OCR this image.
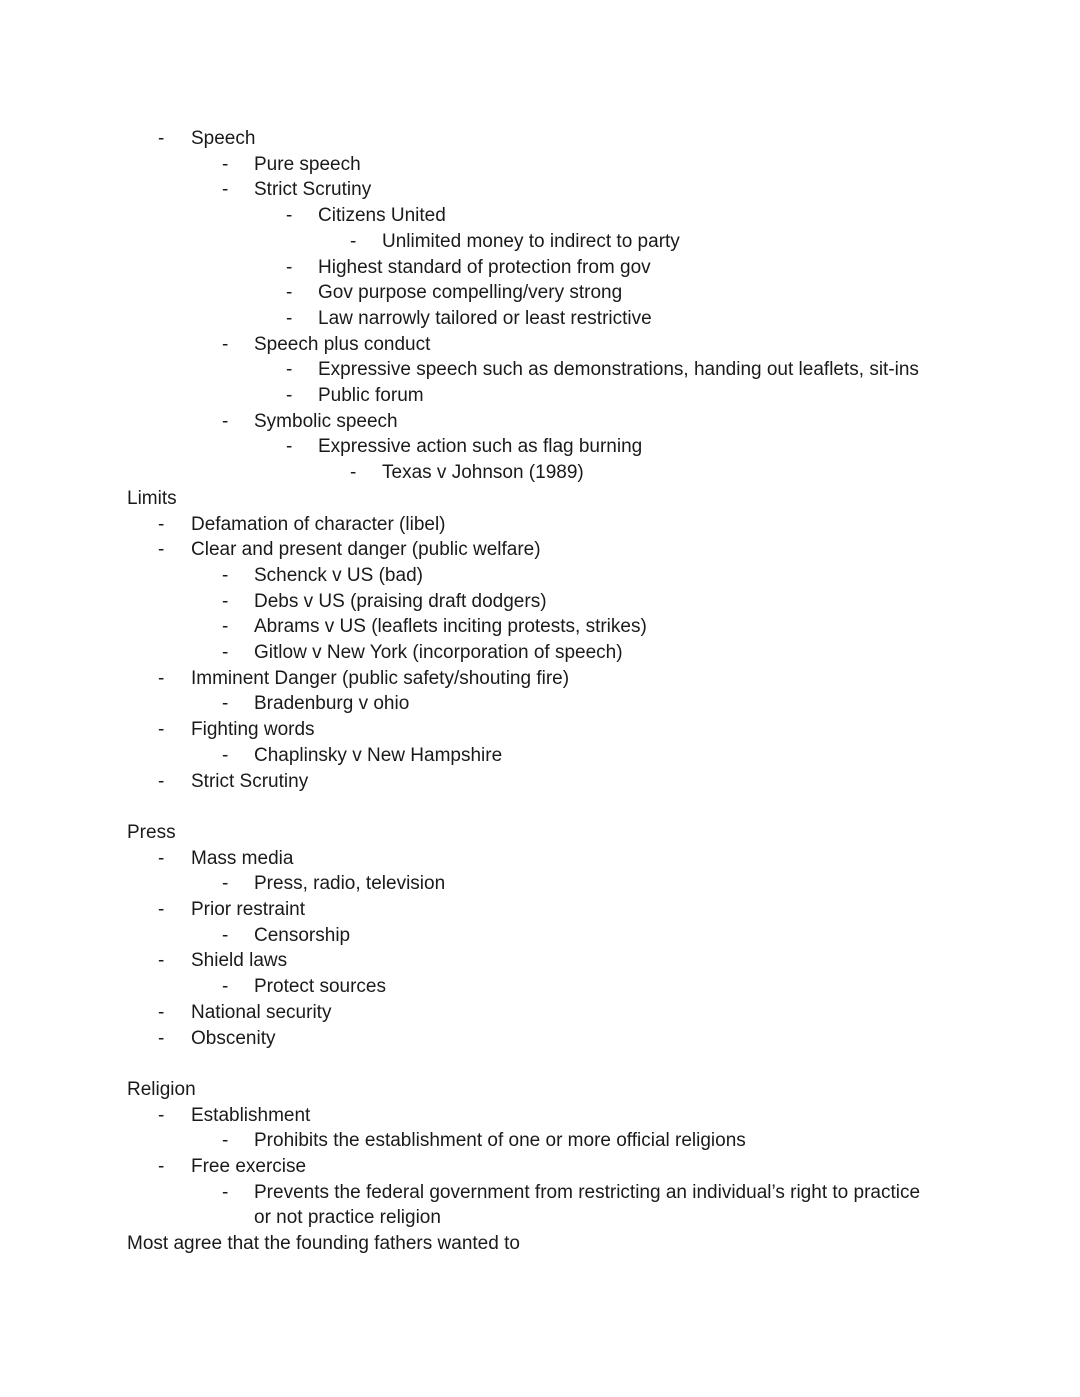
- Speech
- Pure speech
- Strict Scrutiny
- Citizens United
- Unlimited money to indirect to party
- Highest standard of protection from gov
- Gov purpose compelling/very strong
- Law narrowly tailored or least restrictive
- Speech plus conduct
- Expressive speech such as demonstrations, handing out leaflets, sit-ins
- Public forum
- Symbolic speech
- Expressive action such as flag burning
- Texas v Johnson (1989)
Limits
- Defamation of character (libel)
- Clear and present danger (public welfare)
- Schenck v US (bad)
- Debs v US (praising draft dodgers)
- Abrams v US (leaflets inciting protests, strikes)
- Gitlow v New York (incorporation of speech)
- Imminent Danger (public safety/shouting fire)
- Bradenburg v ohio
- Fighting words
- Chaplinsky v New Hampshire
- Strict Scrutiny
Press
- Mass media
- Press, radio, television
- Prior restraint
- Censorship
- Shield laws
- Protect sources
- National security
- Obscenity
Religion
- Establishment
- Prohibits the establishment of one or more official religions
- Free exercise
- Prevents the federal government from restricting an individual’s right to practice
or not practice religion
Most agree that the founding fathers wanted to
